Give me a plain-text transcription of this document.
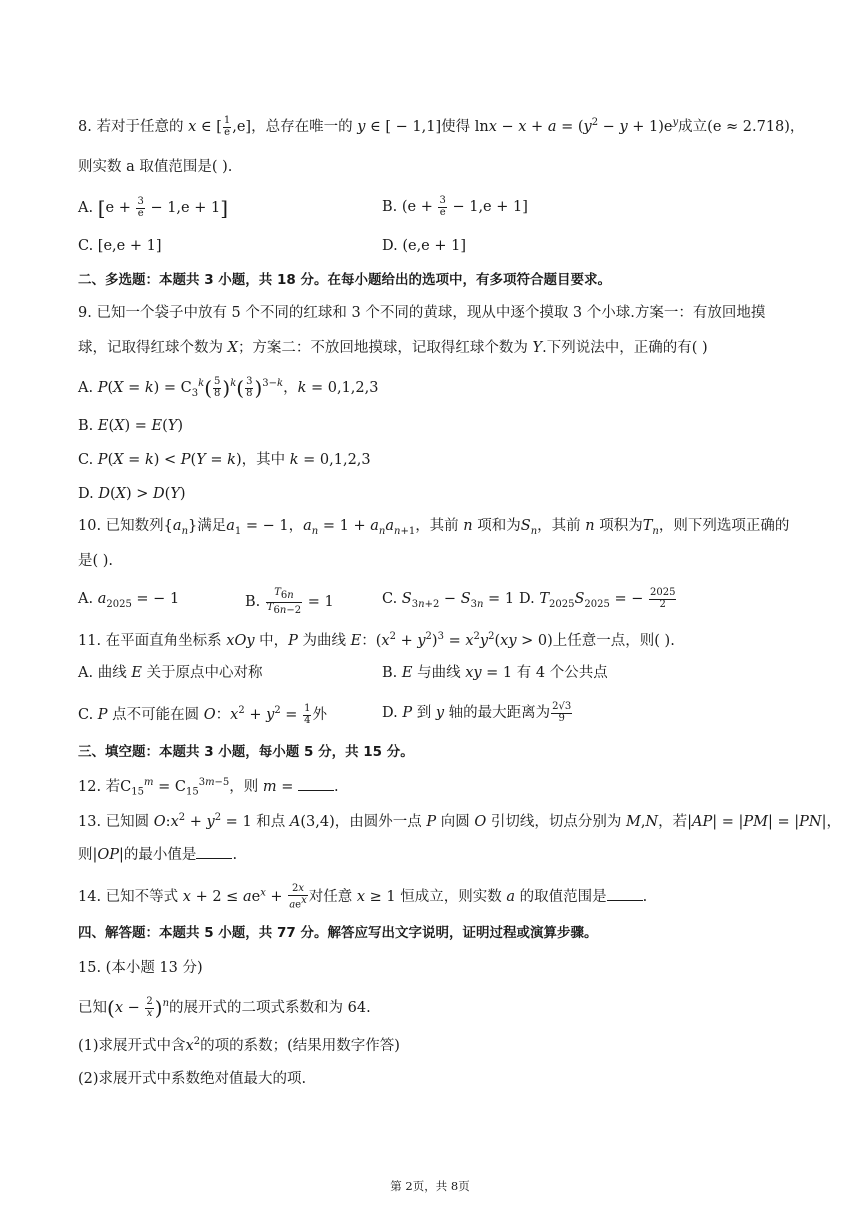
8. 若对于任意的 x ∈ [ $\frac{1}{e} ,e$]，总存在唯一的 y ∈ [ − 1,1]使得 $\ln x - x + a = (y^2 - y + 1)e^y$成立(e ≈ 2.718)，
则实数 a 取值范围是( ).
A. $[e + \frac{3}{e} - 1,e + 1]$	B. $(e + \frac{3}{e} - 1,e + 1]$
C. [e,e + 1]	D. (e,e + 1]
二、多选题：本题共 3 小题，共 18 分。在每小题给出的选项中，有多项符合题目要求。
9. 已知一个袋子中放有 5 个不同的红球和 3 个不同的黄球，现从中逐个摸取 3 个小球.方案一：有放回地摸
球，记取得红球个数为 X；方案二：不放回地摸球，记取得红球个数为 Y.下列说法中，正确的有( )
A. $P(X = k) = C_3^k( \frac{5}{8} )^k( \frac{3}{8} )^{3-k}$，k = 0,1,2,3
B. E(X) = E(Y)
C. P(X = k) < P(Y = k)，其中 k = 0,1,2,3
D. D(X) > D(Y)
10. 已知数列$\{a_n\}$满足$a_1$ = − 1，$a_n = 1 + a_na_{n+1}$，其前 n 项和为$S_n$，其前 n 项积为$T_n$，则下列选项正确的
是( ).
A. $a_{2025}$ = − 1	B. $\frac{T_{6n}}{T_{6n-2}} = 1$	C. $S_{3n+2} - S_{3n} = 1$ D. $T_{2025}S_{2025}$ = − $\frac{2025}{2}$
11. 在平面直角坐标系 xOy 中，P 为曲线 E：$(x^2 + y^2)^3 = x^2y^2(xy > 0)$上任意一点，则( ).
A. 曲线 E 关于原点中心对称	B. E 与曲线 xy = 1 有 4 个公共点
C. P 点不可能在圆 O：$x^2 + y^2 = \frac{1}{4}$ 外	D. P 到 y 轴的最大距离为 $\frac{2√3}{9}$
三、填空题：本题共 3 小题，每小题 5 分，共 15 分。
12. 若$C_{15}^m = C_{15}^{3m-5}$，则 m = .
13. 已知圆 $O:x^2 + y^2 = 1$ 和点 A(3,4)，由圆外一点 P 向圆 O 引切线，切点分别为 M,N，若|AP| = |PM| = |PN|，
则|OP|的最小值是 .
14. 已知不等式 $x + 2 \le ae^x + \frac{2x}{ae^x}$ 对任意 x ≥ 1 恒成立，则实数 a 的取值范围是 .
四、解答题：本题共 5 小题，共 77 分。解答应写出文字说明，证明过程或演算步骤。
15. (本小题 13 分)
已知$(x - \frac{2}{x} )^n$的展开式的二项式系数和为 64.
(1)求展开式中含$x^2$的项的系数；(结果用数字作答)
(2)求展开式中系数绝对值最大的项.
第 2页，共 8页
